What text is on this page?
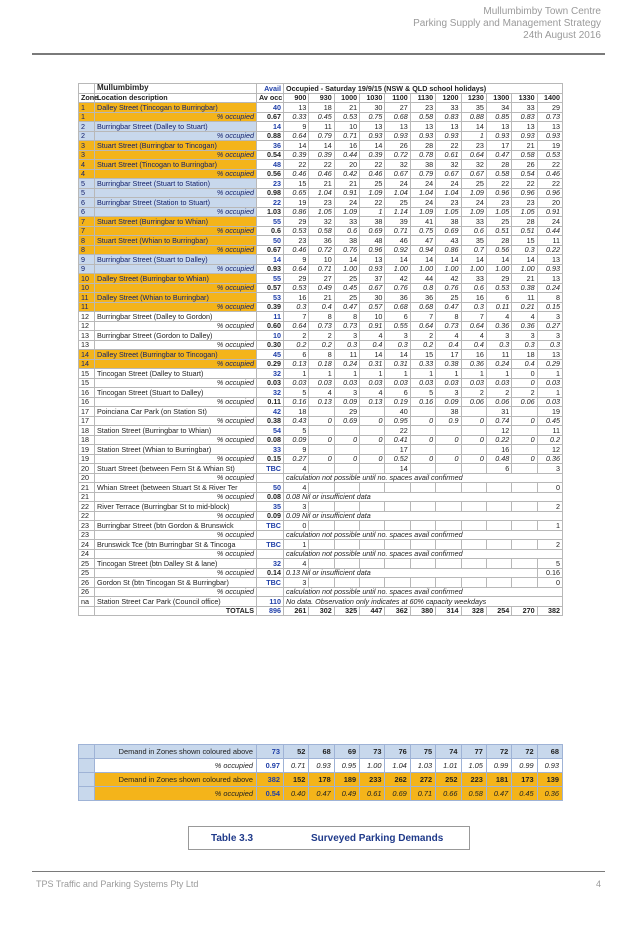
Mullumbimby Town Centre
Parking Supply and Management Strategy
24th August 2016
	Mullumbimby	Avail	Occupied - Saturday 19/9/15 (NSW & QLD school holidays)										
Zone	Location description	Av occ	900	930	1000	1030	1100	1130	1200	1230	1300	1330	1400
1	Dalley Street (Tincogan to Burringbar)	40	13	18	21	30	27	23	33	35	34	33	29
1	% occupied	0.67	0.33	0.45	0.53	0.75	0.68	0.58	0.83	0.88	0.85	0.83	0.73
2	Burringbar Street (Dalley to Stuart)	14	9	11	10	13	13	13	13	14	13	13	13
2	% occupied	0.88	0.64	0.79	0.71	0.93	0.93	0.93	0.93	1	0.93	0.93	0.93
3	Stuart Street (Burringbar to Tincogan)	36	14	14	16	14	26	28	22	23	17	21	19
3	% occupied	0.54	0.39	0.39	0.44	0.39	0.72	0.78	0.61	0.64	0.47	0.58	0.53
4	Stuart Street (Tincogan to Burringbar)	48	22	22	20	22	32	38	32	32	28	26	22
4	% occupied	0.56	0.46	0.46	0.42	0.46	0.67	0.79	0.67	0.67	0.58	0.54	0.46
5	Burringbar Street (Stuart to Station)	23	15	21	21	25	24	24	24	25	22	22	22
5	% occupied	0.98	0.65	1.04	0.91	1.09	1.04	1.04	1.04	1.09	0.96	0.96	0.96
6	Burringbar Street (Station to Stuart)	22	19	23	24	22	25	24	23	24	23	23	20
6	% occupied	1.03	0.86	1.05	1.09	1	1.14	1.09	1.05	1.09	1.05	1.05	0.91
7	Stuart Street (Burringbar to Whian)	55	29	32	33	38	39	41	38	33	25	28	24
7	% occupied	0.6	0.53	0.58	0.6	0.69	0.71	0.75	0.69	0.6	0.51	0.51	0.44
8	Stuart Street (Whian to Burringbar)	50	23	36	38	48	46	47	43	35	28	15	11
8	% occupied	0.67	0.46	0.72	0.76	0.96	0.92	0.94	0.86	0.7	0.56	0.3	0.22
9	Burringbar Street (Stuart to Dalley)	14	9	10	14	13	14	14	14	14	14	14	13
9	% occupied	0.93	0.64	0.71	1.00	0.93	1.00	1.00	1.00	1.00	1.00	1.00	0.93
10	Dalley Street (Burringbar to Whian)	55	29	27	25	37	42	44	42	33	29	21	13
10	% occupied	0.57	0.53	0.49	0.45	0.67	0.76	0.8	0.76	0.6	0.53	0.38	0.24
11	Dalley Street (Whian to Burringbar)	53	16	21	25	30	36	36	25	16	6	11	8
11	% occupied	0.39	0.3	0.4	0.47	0.57	0.68	0.68	0.47	0.3	0.11	0.21	0.15
12	Burringbar Street (Dalley to Gordon)	11	7	8	8	10	6	7	8	7	4	4	3
12	% occupied	0.60	0.64	0.73	0.73	0.91	0.55	0.64	0.73	0.64	0.36	0.36	0.27
13	Burringbar Street (Gordon to Dalley)	10	2	2	3	4	3	2	4	4	3	3	3
13	% occupied	0.30	0.2	0.2	0.3	0.4	0.3	0.2	0.4	0.4	0.3	0.3	0.3
14	Dalley Street (Burringbar to Tincogan)	45	6	8	11	14	14	15	17	16	11	18	13
14	% occupied	0.29	0.13	0.18	0.24	0.31	0.31	0.33	0.38	0.36	0.24	0.4	0.29
15	Tincogan Street (Dalley to Stuart)	32	1	1	1	1	1	1	1	1	1	0	1
15	% occupied	0.03	0.03	0.03	0.03	0.03	0.03	0.03	0.03	0.03	0.03	0	0.03
16	Tincogan Street (Stuart to Dalley)	32	5	4	3	4	6	5	3	2	2	2	1
16	% occupied	0.11	0.16	0.13	0.09	0.13	0.19	0.16	0.09	0.06	0.06	0.06	0.03
17	Poinciana Car Park (on Station St)	42	18		29		40		38		31		19
17	% occupied	0.38	0.43	0	0.69	0	0.95	0	0.9	0	0.74	0	0.45
18	Station Street (Burringbar to Whian)	54	5				22				12		11
18	% occupied	0.08	0.09	0	0	0	0.41	0	0	0	0.22	0	0.2
19	Station Street (Whian to Burringbar)	33	9				17				16		12
19	% occupied	0.15	0.27	0	0	0	0.52	0	0	0	0.48	0	0.36
20	Stuart Street (between Fern St & Whian St)	TBC	4				14				6		3
20	% occupied		calculation not possible until no. spaces avail confirmed										
21	Whian Street (between Stuart St & River Ter	50	4										0
21	% occupied	0.08	0.08 Nil or insufficient data										
22	River Terrace (Burringbar St to mid-block)	35	3										2
22	% occupied	0.09	0.09 Nil or insufficient data										
23	Burringbar Street (btn Gordon & Brunswick	TBC	0										1
23	% occupied		calculation not possible until no. spaces avail confirmed										
24	Brunswick Tce (btn Burringbar St & Tincoga	TBC	1										2
24	% occupied		calculation not possible until no. spaces avail confirmed										
25	Tincogan Street (btn Dalley St & lane)	32	4										5
25	% occupied	0.14	0.13 Nil or insufficient data										0.16
26	Gordon St (btn Tincogan St & Burringbar)	TBC	3										0
26	% occupied		calculation not possible until no. spaces avail confirmed										
na	Station Street Car Park (Council office)	110	No data. Observation only indicates at 60% capacity weekdays										
	TOTALS	896	261	302	325	447	362	380	314	328	254	270	382
	Demand in Zones shown coloured above	73	52	68	69	73	76	75	74	77	72	72	68
	% occupied	0.97	0.71	0.93	0.95	1.00	1.04	1.03	1.01	1.05	0.99	0.99	0.93
	Demand in Zones shown coloured above	382	152	178	189	233	262	272	252	223	181	173	139
	% occupied	0.54	0.40	0.47	0.49	0.61	0.69	0.71	0.66	0.58	0.47	0.45	0.36
Table 3.3	Surveyed Parking Demands
TPS Traffic and Parking Systems Pty Ltd	4
